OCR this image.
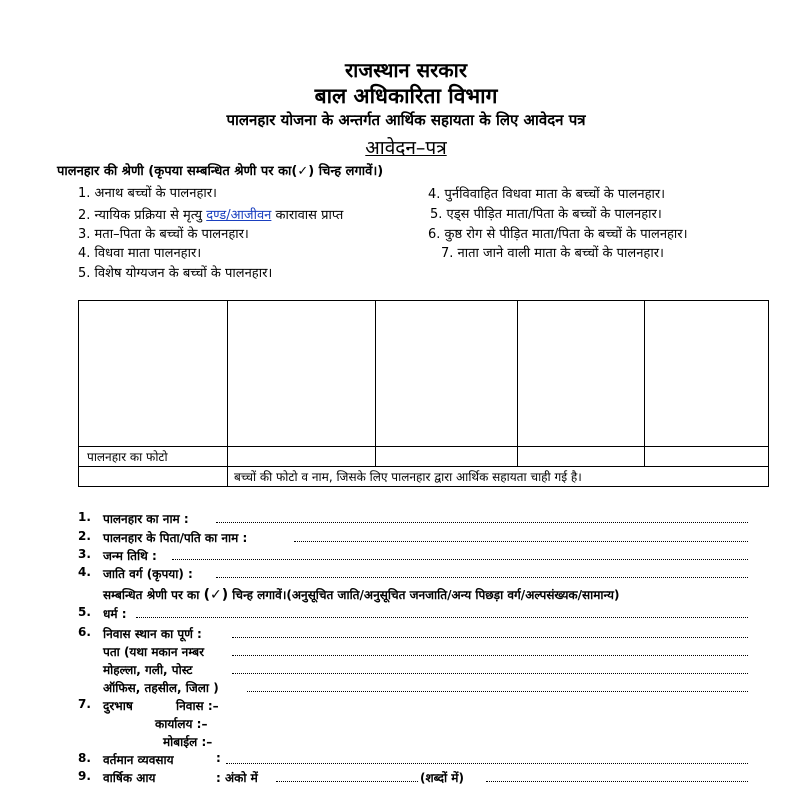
राजस्थान सरकार
बाल अधिकारिता विभाग
पालनहार योजना के अन्तर्गत आर्थिक सहायता के लिए आवेदन पत्र
आवेदन–पत्र
पालनहार की श्रेणी (कृपया सम्बन्धित श्रेणी पर का(✓) चिन्ह लगावें।)
1. अनाथ बच्चों के पालनहार।
2. न्यायिक प्रक्रिया से मृत्यु दण्ड/आजीवन कारावास प्राप्त
3. मता–पिता के बच्चों के पालनहार।
4. विधवा माता पालनहार।
5. विशेष योग्यजन के बच्चों के पालनहार।
4. पुर्नविवाहित विधवा माता के बच्चों के पालनहार।
5. एड्स पीड़ित माता/पिता के बच्चों के पालनहार।
6. कुष्ठ रोग से पीड़ित माता/पिता के बच्चों के पालनहार।
7. नाता जाने वाली माता के बच्चों के पालनहार।

पालनहार का फोटो				
	बच्चों की फोटो व नाम, जिसके लिए पालनहार द्वारा आर्थिक सहायता चाही गई है।			
1. पालनहार का नाम :
2. पालनहार के पिता/पति का नाम :
3. जन्म तिथि :
4. जाति वर्ग (कृपया) :
सम्बन्धित श्रेणी पर का (✓) चिन्ह लगावें।(अनुसूचित जाति/अनुसूचित जनजाति/अन्य पिछड़ा वर्ग/अल्पसंख्यक/सामान्य)
5. धर्म :
6. निवास स्थान का पूर्ण :
पता (यथा मकान नम्बर
मोहल्ला, गली, पोस्ट
ऑफिस, तहसील, जिला )
7. दुरभाष	निवास :–
कार्यालय :–
मोबाईल :–
8. वर्तमान व्यवसाय	:
9. वार्षिक आय	: अंको में	(शब्दों में)
